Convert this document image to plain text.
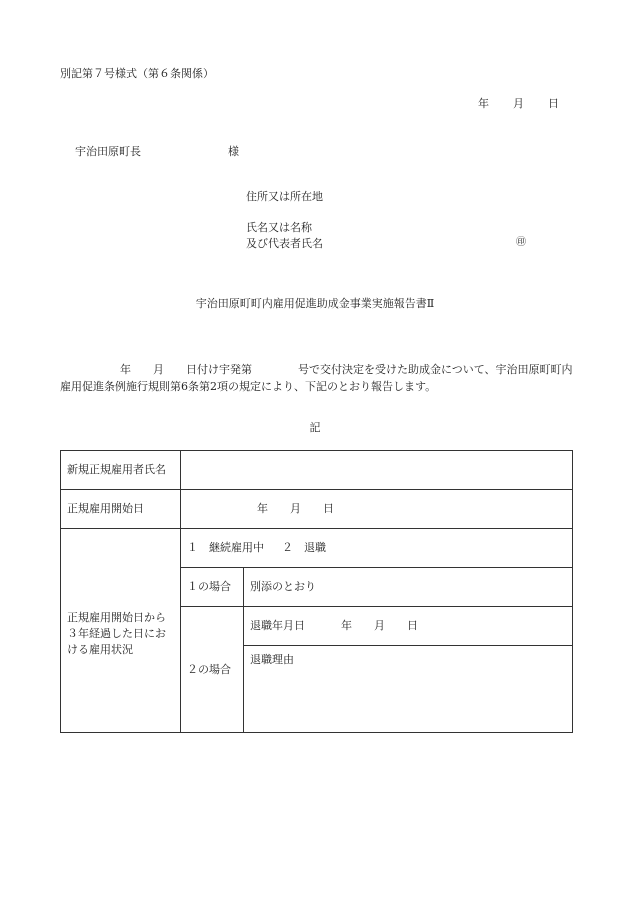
別記第７号様式（第６条関係）
年 月 日
宇治田原町長	様
住所又は所在地
氏名又は名称
及び代表者氏名	㊞
宇治田原町町内雇用促進助成金事業実施報告書Ⅱ
年 月 日付け宇発第	号で交付決定を受けた助成金について、宇治田原町町内雇用促進条例施行規則第6条第2項の規定により、下記のとおり報告します。
記
新規正規雇用者氏名		
正規雇用開始日	年 月 日	
正規雇用開始日から３年経過した日における雇用状況	１　継続雇用中 ２　退職	
	１の場合	別添のとおり
	２の場合	退職年月日 年 月 日
		退職理由
